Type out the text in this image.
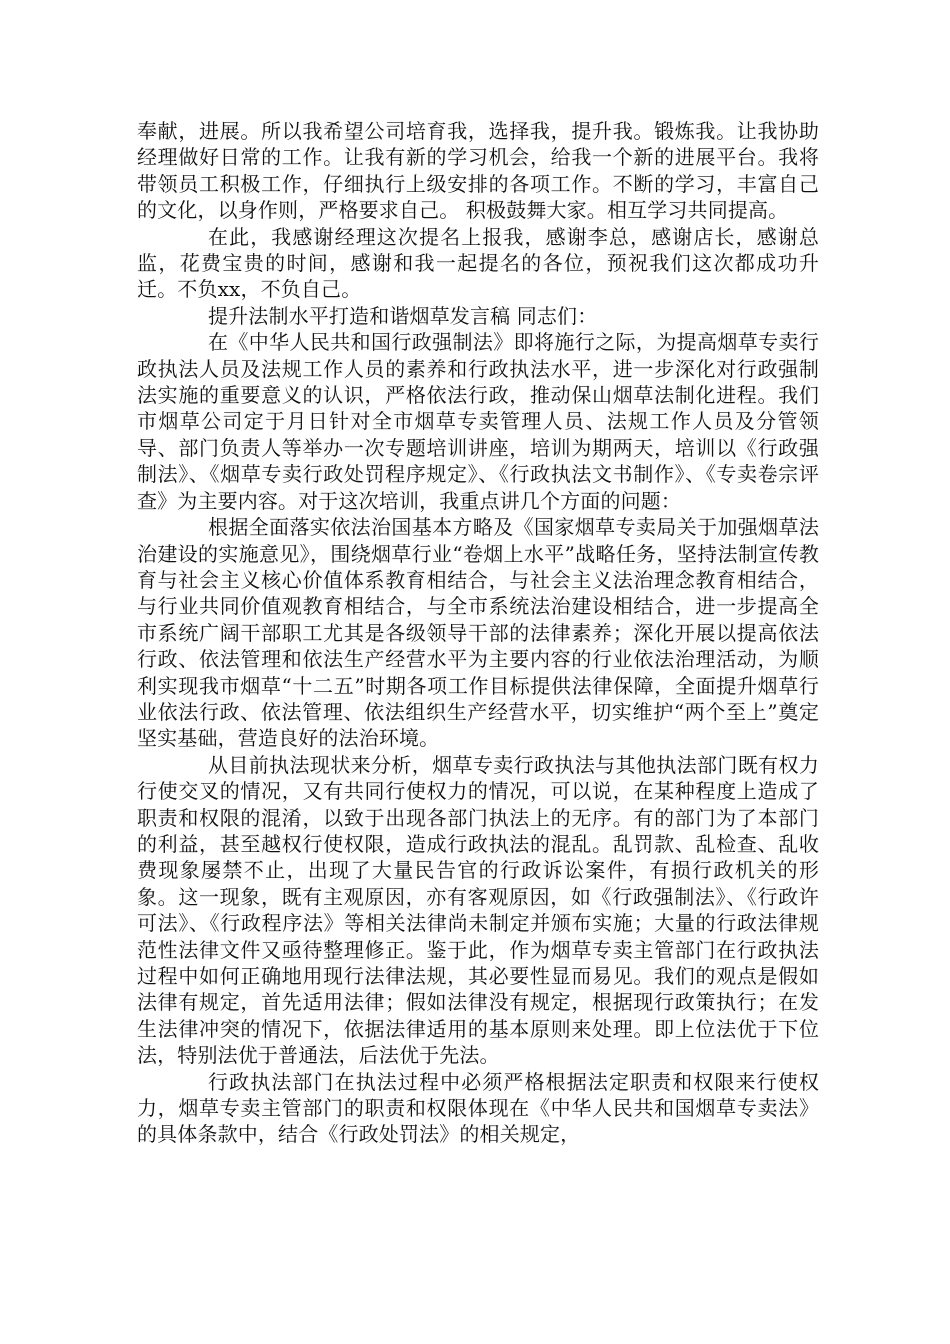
奉献，进展。所以我希望公司培育我，选择我，提升我。锻炼我。让我协助经理做好日常的工作。让我有新的学习机会，给我一个新的进展平台。我将带领员工积极工作，仔细执行上级安排的各项工作。不断的学习，丰富自己的文化，以身作则，严格要求自己。 积极鼓舞大家。相互学习共同提高。

在此，我感谢经理这次提名上报我，感谢李总，感谢店长，感谢总监，花费宝贵的时间，感谢和我一起提名的各位，预祝我们这次都成功升迁。不负xx，不负自己。

提升法制水平打造和谐烟草发言稿 同志们：

在《中华人民共和国行政强制法》即将施行之际，为提高烟草专卖行政执法人员及法规工作人员的素养和行政执法水平，进一步深化对行政强制法实施的重要意义的认识，严格依法行政，推动保山烟草法制化进程。我们市烟草公司定于月日针对全市烟草专卖管理人员、法规工作人员及分管领导、部门负责人等举办一次专题培训讲座，培训为期两天，培训以《行政强制法》、《烟草专卖行政处罚程序规定》、《行政执法文书制作》、《专卖卷宗评查》为主要内容。对于这次培训，我重点讲几个方面的问题：

根据全面落实依法治国基本方略及《国家烟草专卖局关于加强烟草法治建设的实施意见》，围绕烟草行业“卷烟上水平”战略任务，坚持法制宣传教育与社会主义核心价值体系教育相结合，与社会主义法治理念教育相结合，与行业共同价值观教育相结合，与全市系统法治建设相结合，进一步提高全市系统广阔干部职工尤其是各级领导干部的法律素养；深化开展以提高依法行政、依法管理和依法生产经营水平为主要内容的行业依法治理活动，为顺利实现我市烟草“十二五”时期各项工作目标提供法律保障，全面提升烟草行业依法行政、依法管理、依法组织生产经营水平，切实维护“两个至上”奠定坚实基础，营造良好的法治环境。

从目前执法现状来分析，烟草专卖行政执法与其他执法部门既有权力行使交叉的情况，又有共同行使权力的情况，可以说，在某种程度上造成了职责和权限的混淆，以致于出现各部门执法上的无序。有的部门为了本部门的利益，甚至越权行使权限，造成行政执法的混乱。乱罚款、乱检查、乱收费现象屡禁不止，出现了大量民告官的行政诉讼案件，有损行政机关的形象。这一现象，既有主观原因，亦有客观原因，如《行政强制法》、《行政许可法》、《行政程序法》等相关法律尚未制定并颁布实施；大量的行政法律规范性法律文件又亟待整理修正。鉴于此，作为烟草专卖主管部门在行政执法过程中如何正确地用现行法律法规，其必要性显而易见。我们的观点是假如法律有规定，首先适用法律；假如法律没有规定，根据现行政策执行；在发生法律冲突的情况下，依据法律适用的基本原则来处理。即上位法优于下位法，特别法优于普通法，后法优于先法。

行政执法部门在执法过程中必须严格根据法定职责和权限来行使权力，烟草专卖主管部门的职责和权限体现在《中华人民共和国烟草专卖法》的具体条款中，结合《行政处罚法》的相关规定，
